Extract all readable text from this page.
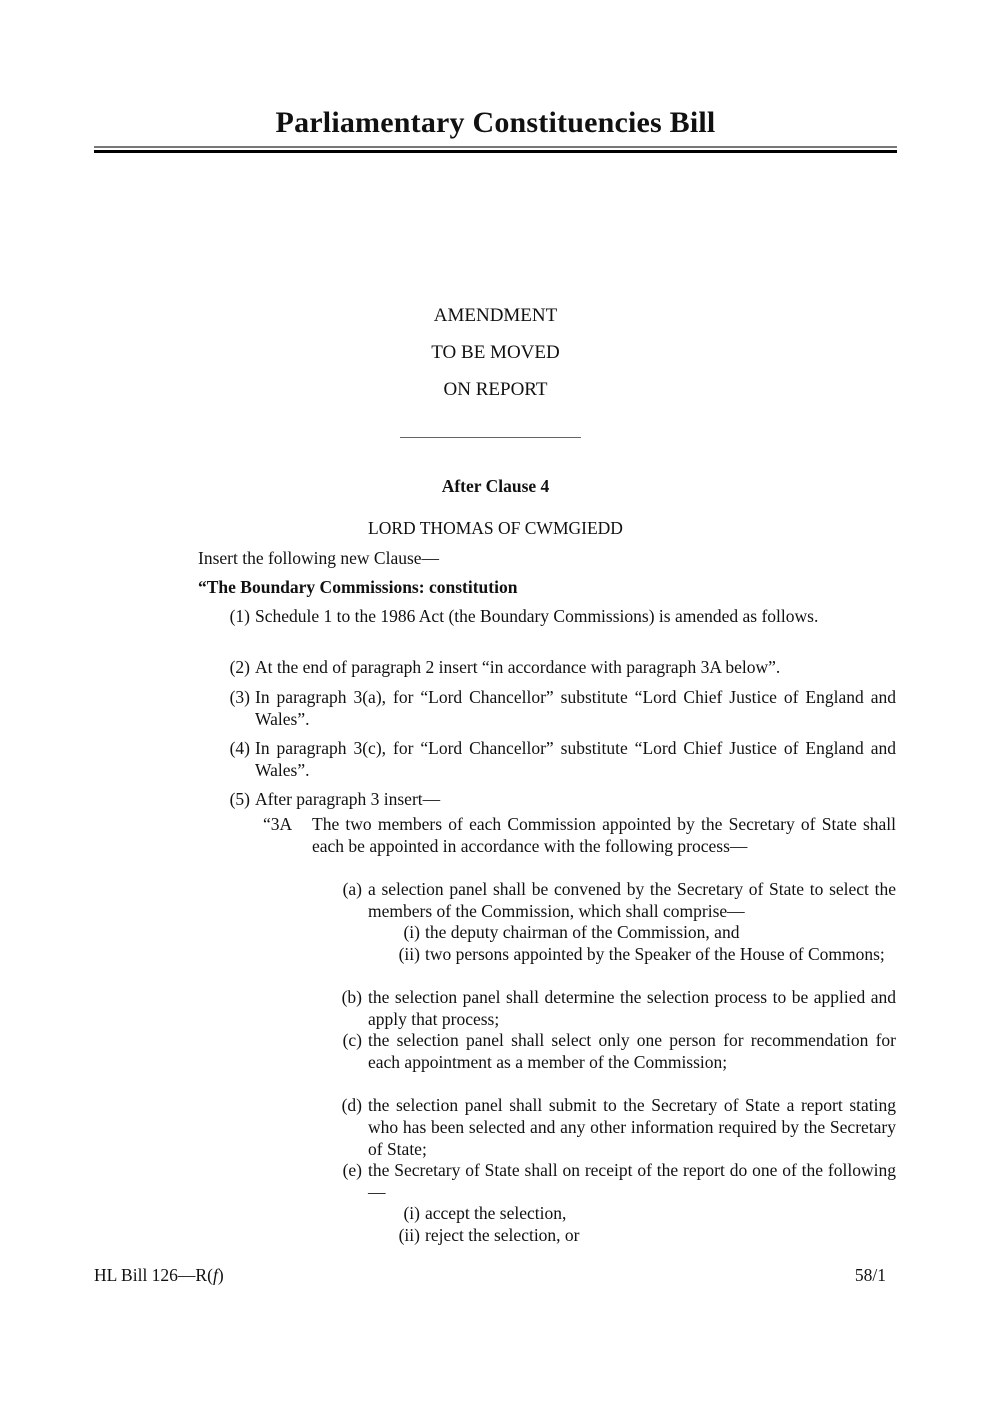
Parliamentary Constituencies Bill
AMENDMENT
TO BE MOVED
ON REPORT
After Clause 4
LORD THOMAS OF CWMGIEDD
Insert the following new Clause—
“The Boundary Commissions: constitution
(1) Schedule 1 to the 1986 Act (the Boundary Commissions) is amended as follows.
(2) At the end of paragraph 2 insert “in accordance with paragraph 3A below”.
(3) In paragraph 3(a), for “Lord Chancellor” substitute “Lord Chief Justice of England and Wales”.
(4) In paragraph 3(c), for “Lord Chancellor” substitute “Lord Chief Justice of England and Wales”.
(5) After paragraph 3 insert—
“3A The two members of each Commission appointed by the Secretary of State shall each be appointed in accordance with the following process—
(a) a selection panel shall be convened by the Secretary of State to select the members of the Commission, which shall comprise—
(i) the deputy chairman of the Commission, and
(ii) two persons appointed by the Speaker of the House of Commons;
(b) the selection panel shall determine the selection process to be applied and apply that process;
(c) the selection panel shall select only one person for recommendation for each appointment as a member of the Commission;
(d) the selection panel shall submit to the Secretary of State a report stating who has been selected and any other information required by the Secretary of State;
(e) the Secretary of State shall on receipt of the report do one of the following—
(i) accept the selection,
(ii) reject the selection, or
HL Bill 126—R(f)	58/1
